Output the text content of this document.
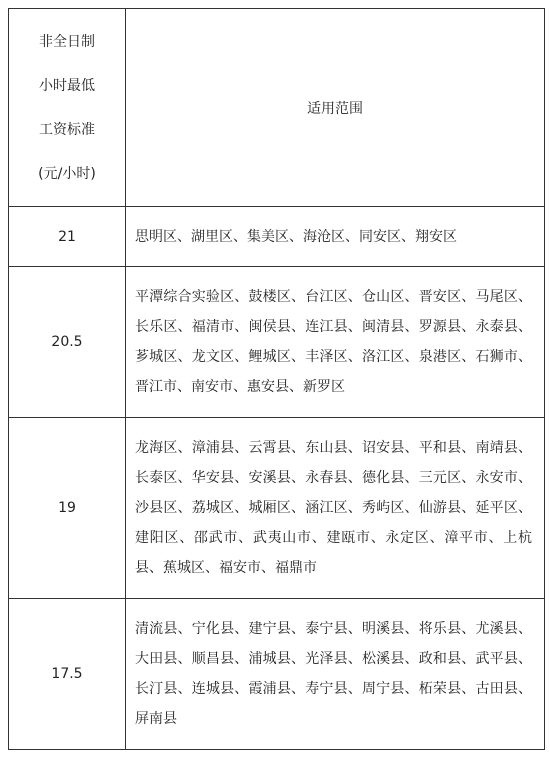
非全日制
小时最低
工资标准
(元/小时)	适用范围
21	思明区、湖里区、集美区、海沧区、同安区、翔安区
20.5	平潭综合实验区、鼓楼区、台江区、仓山区、晋安区、马尾区、长乐区、福清市、闽侯县、连江县、闽清县、罗源县、永泰县、芗城区、龙文区、鲤城区、丰泽区、洛江区、泉港区、石狮市、晋江市、南安市、惠安县、新罗区
19	龙海区、漳浦县、云霄县、东山县、诏安县、平和县、南靖县、长泰区、华安县、安溪县、永春县、德化县、三元区、永安市、沙县区、荔城区、城厢区、涵江区、秀屿区、仙游县、延平区、建阳区、邵武市、武夷山市、建瓯市、永定区、漳平市、上杭县、蕉城区、福安市、福鼎市
17.5	清流县、宁化县、建宁县、泰宁县、明溪县、将乐县、尤溪县、大田县、顺昌县、浦城县、光泽县、松溪县、政和县、武平县、长汀县、连城县、霞浦县、寿宁县、周宁县、柘荣县、古田县、屏南县
